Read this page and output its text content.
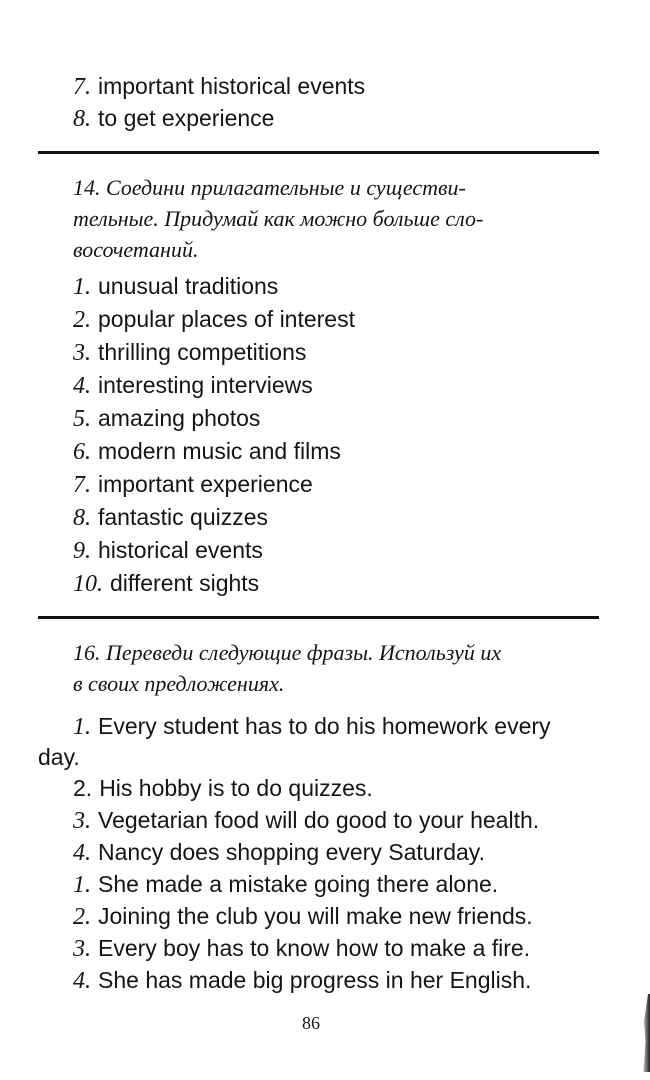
7. important historical events
8. to get experience
14. Соедини прилагательные и существи-
тельные. Придумай как можно больше сло-
восочетаний.
1. unusual traditions
2. popular places of interest
3. thrilling competitions
4. interesting interviews
5. amazing photos
6. modern music and films
7. important experience
8. fantastic quizzes
9. historical events
10. different sights
16. Переведи следующие фразы. Используй их
в своих предложениях.
1. Every student has to do his homework every
day.
2. His hobby is to do quizzes.
3. Vegetarian food will do good to your health.
4. Nancy does shopping every Saturday.
1. She made a mistake going there alone.
2. Joining the club you will make new friends.
3. Every boy has to know how to make a fire.
4. She has made big progress in her English.
86
